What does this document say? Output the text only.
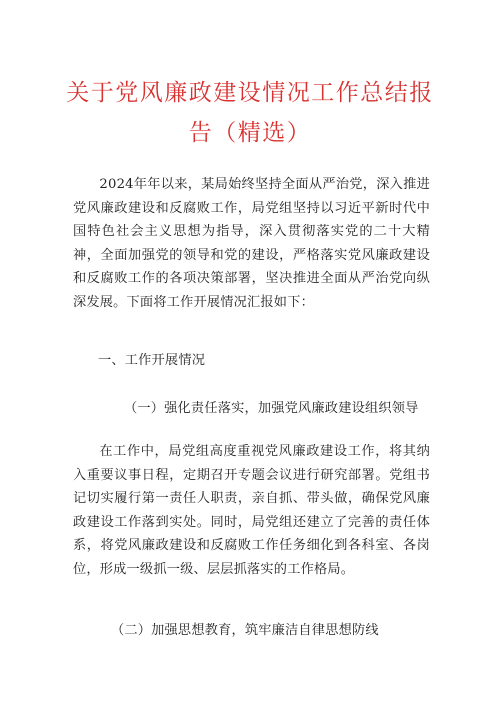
关于党风廉政建设情况工作总结报告（精选）

2024年年以来，某局始终坚持全面从严治党，深入推进党风廉政建设和反腐败工作，局党组坚持以习近平新时代中国特色社会主义思想为指导，深入贯彻落实党的二十大精神，全面加强党的领导和党的建设，严格落实党风廉政建设和反腐败工作的各项决策部署，坚决推进全面从严治党向纵深发展。下面将工作开展情况汇报如下：

一、工作开展情况

（一）强化责任落实，加强党风廉政建设组织领导

在工作中，局党组高度重视党风廉政建设工作，将其纳入重要议事日程，定期召开专题会议进行研究部署。党组书记切实履行第一责任人职责，亲自抓、带头做，确保党风廉政建设工作落到实处。同时，局党组还建立了完善的责任体系，将党风廉政建设和反腐败工作任务细化到各科室、各岗位，形成一级抓一级、层层抓落实的工作格局。

（二）加强思想教育，筑牢廉洁自律思想防线
